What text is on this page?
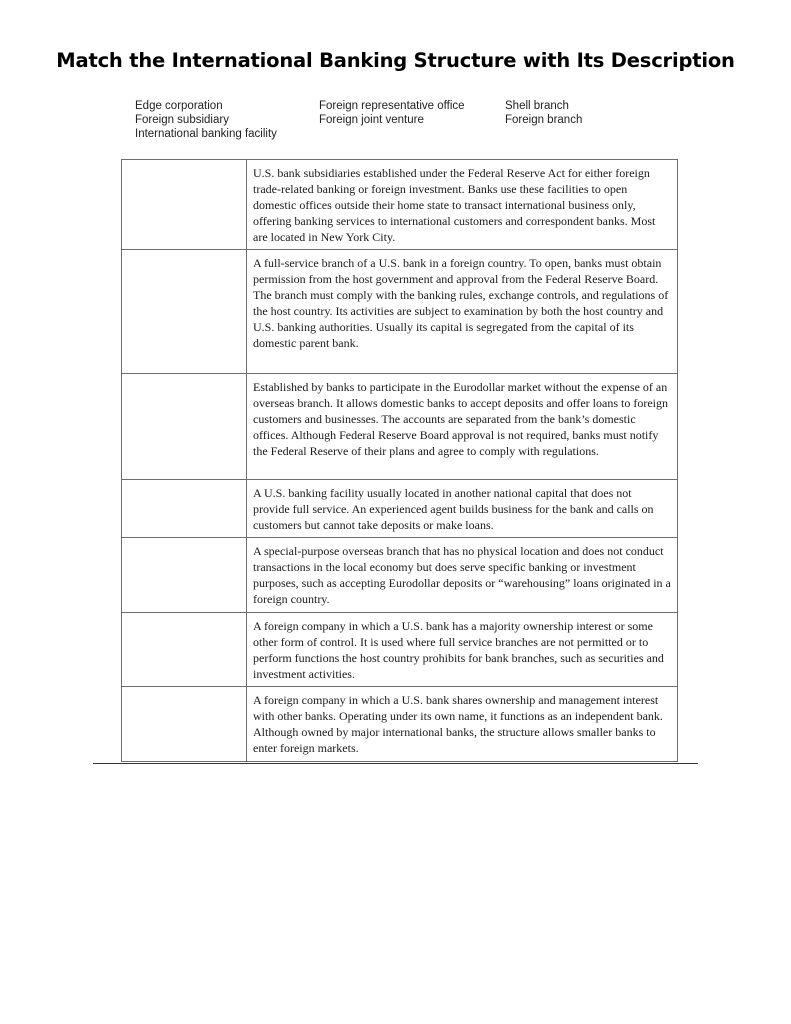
Match the International Banking Structure with Its Description
Edge corporation
Foreign subsidiary
International banking facility
Foreign representative office
Foreign joint venture
Shell branch
Foreign branch
	U.S. bank subsidiaries established under the Federal Reserve Act for either foreign trade-related banking or foreign investment. Banks use these facilities to open domestic offices outside their home state to transact international business only, offering banking services to international customers and correspondent banks. Most are located in New York City.
	A full-service branch of a U.S. bank in a foreign country. To open, banks must obtain permission from the host government and approval from the Federal Reserve Board. The branch must comply with the banking rules, exchange controls, and regulations of the host country. Its activities are subject to examination by both the host country and U.S. banking authorities. Usually its capital is segregated from the capital of its domestic parent bank.
	Established by banks to participate in the Eurodollar market without the expense of an overseas branch. It allows domestic banks to accept deposits and offer loans to foreign customers and businesses. The accounts are separated from the bank’s domestic offices. Although Federal Reserve Board approval is not required, banks must notify the Federal Reserve of their plans and agree to comply with regulations.
	A U.S. banking facility usually located in another national capital that does not provide full service. An experienced agent builds business for the bank and calls on customers but cannot take deposits or make loans.
	A special-purpose overseas branch that has no physical location and does not conduct transactions in the local economy but does serve specific banking or investment purposes, such as accepting Eurodollar deposits or “warehousing” loans originated in a foreign country.
	A foreign company in which a U.S. bank has a majority ownership interest or some other form of control. It is used where full service branches are not permitted or to perform functions the host country prohibits for bank branches, such as securities and investment activities.
	A foreign company in which a U.S. bank shares ownership and management interest with other banks. Operating under its own name, it functions as an independent bank. Although owned by major international banks, the structure allows smaller banks to enter foreign markets.
